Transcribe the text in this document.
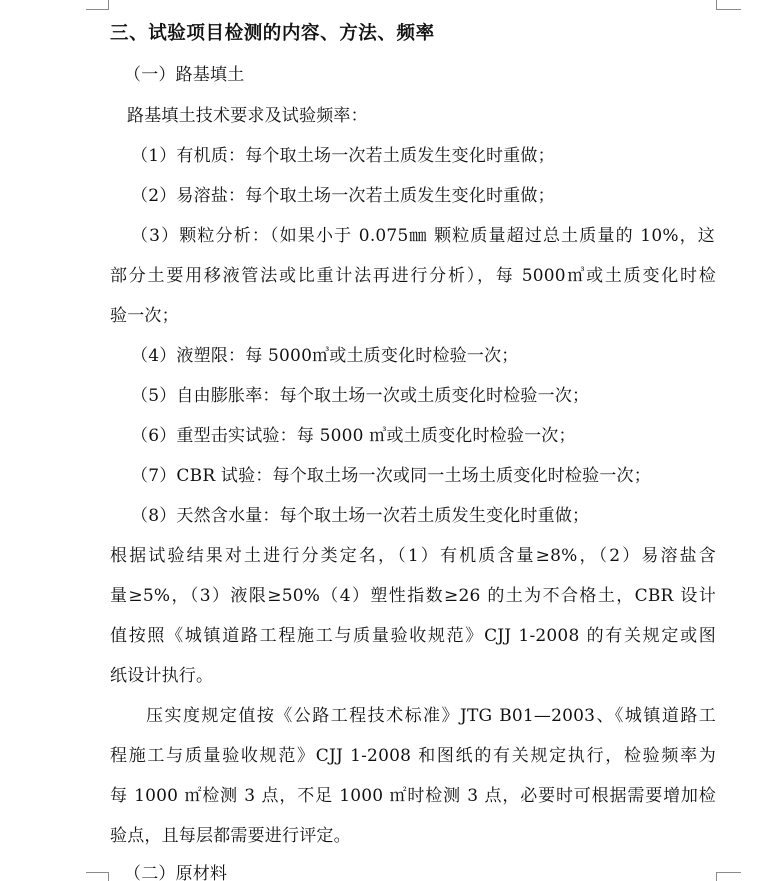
三、试验项目检测的内容、方法、频率
（一）路基填土
路基填土技术要求及试验频率：
（1）有机质：每个取土场一次若土质发生变化时重做；
（2）易溶盐：每个取土场一次若土质发生变化时重做；
（3）颗粒分析：（如果小于 0.075㎜ 颗粒质量超过总土质量的 10%，这
部分土要用移液管法或比重计法再进行分析），每 5000㎥或土质变化时检
验一次；
（4）液塑限：每 5000㎥或土质变化时检验一次；
（5）自由膨胀率：每个取土场一次或土质变化时检验一次；
（6）重型击实试验：每 5000 ㎥或土质变化时检验一次；
（7）CBR 试验：每个取土场一次或同一土场土质变化时检验一次；
（8）天然含水量：每个取土场一次若土质发生变化时重做；
根据试验结果对土进行分类定名，（1）有机质含量≥8%，（2）易溶盐含
量≥5%，（3）液限≥50%（4）塑性指数≥26 的土为不合格土，CBR 设计
值按照《城镇道路工程施工与质量验收规范》CJJ 1-2008 的有关规定或图
纸设计执行。
压实度规定值按《公路工程技术标准》JTG B01—2003、《城镇道路工
程施工与质量验收规范》CJJ 1-2008 和图纸的有关规定执行，检验频率为
每 1000 ㎡检测 3 点，不足 1000 ㎡时检测 3 点，必要时可根据需要增加检
验点，且每层都需要进行评定。
（二）原材料
